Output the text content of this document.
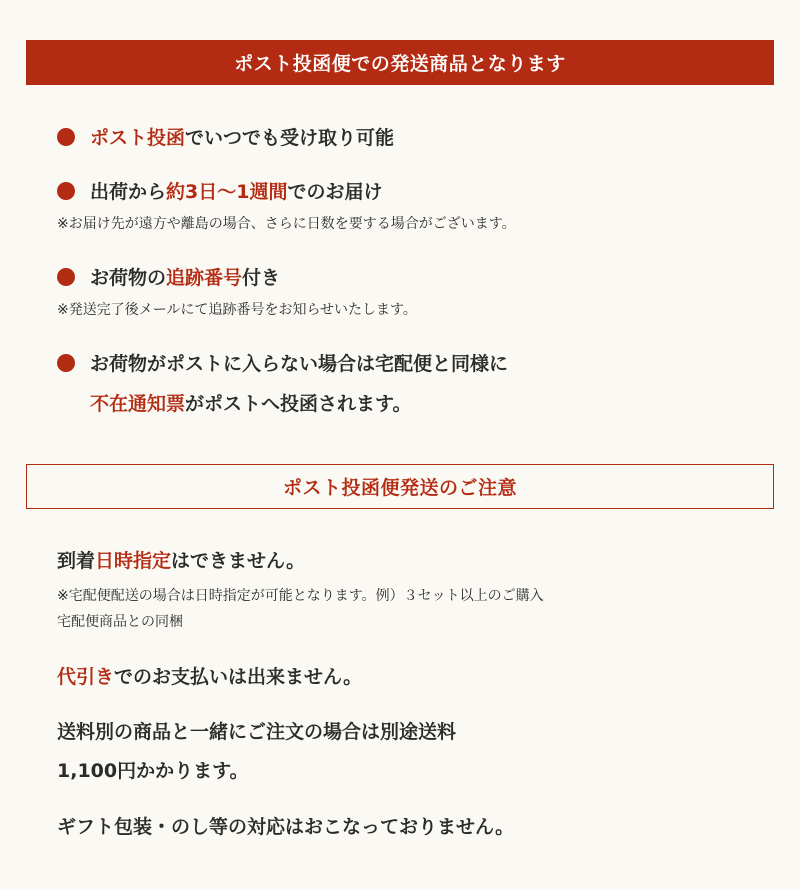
ポスト投函便での発送商品となります
ポスト投函 でいつでも受け取り可能
出荷から 約3日〜1週間 でのお届け
※お届け先が遠方や離島の場合、さらに日数を要する場合がございます。
お荷物の 追跡番号 付き
※発送完了後メールにて追跡番号をお知らせいたします。
お荷物がポストに入らない場合は宅配便と同様に
不在通知票がポストへ投函されます。
ポスト投函便発送のご注意
到着日時指定はできません。
※宅配便配送の場合は日時指定が可能となります。例）３セット以上のご購入
宅配便商品との同梱
代引きでのお支払いは出来ません。
送料別の商品と一緒にご注文の場合は別途送料
1,100円かかります。
ギフト包装・のし等の対応はおこなっておりません。
